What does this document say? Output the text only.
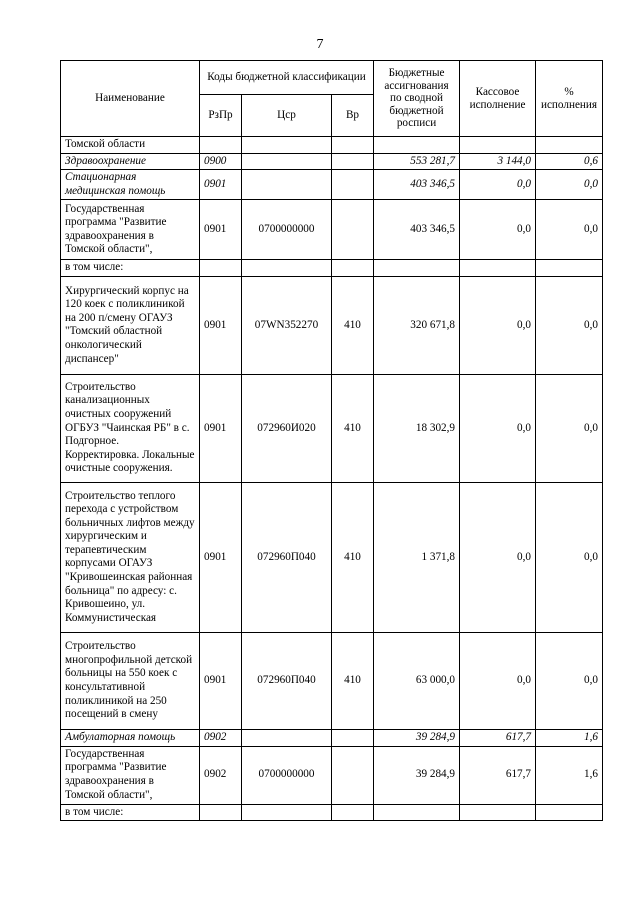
7
Наименование	Коды бюджетной классификации			Бюджетные ассигнования по сводной бюджетной росписи	Кассовое исполнение	% исполнения
	РзПр	Цср	Вр			
Томской области						
Здравоохранение	0900			553 281,7	3 144,0	0,6
Стационарная медицинская помощь	0901			403 346,5	0,0	0,0
Государственная программа "Развитие здравоохранения в Томской области",	0901	0700000000		403 346,5	0,0	0,0
в том числе:						
Хирургический корпус на 120 коек с поликлиникой на 200 п/смену ОГАУЗ "Томский областной онкологический диспансер"	0901	07WN352270	410	320 671,8	0,0	0,0
Строительство канализационных очистных сооружений ОГБУЗ "Чаинская РБ" в с. Подгорное. Корректировка. Локальные очистные сооружения.	0901	072960И020	410	18 302,9	0,0	0,0
Строительство теплого перехода с устройством больничных лифтов между хирургическим и терапевтическим корпусами ОГАУЗ "Кривошеинская районная больница" по адресу: с. Кривошеино, ул. Коммунистическая	0901	072960П040	410	1 371,8	0,0	0,0
Строительство многопрофильной детской больницы на 550 коек с консультативной поликлиникой на 250 посещений в смену	0901	072960П040	410	63 000,0	0,0	0,0
Амбулаторная помощь	0902			39 284,9	617,7	1,6
Государственная программа "Развитие здравоохранения в Томской области",	0902	0700000000		39 284,9	617,7	1,6
в том числе:						
